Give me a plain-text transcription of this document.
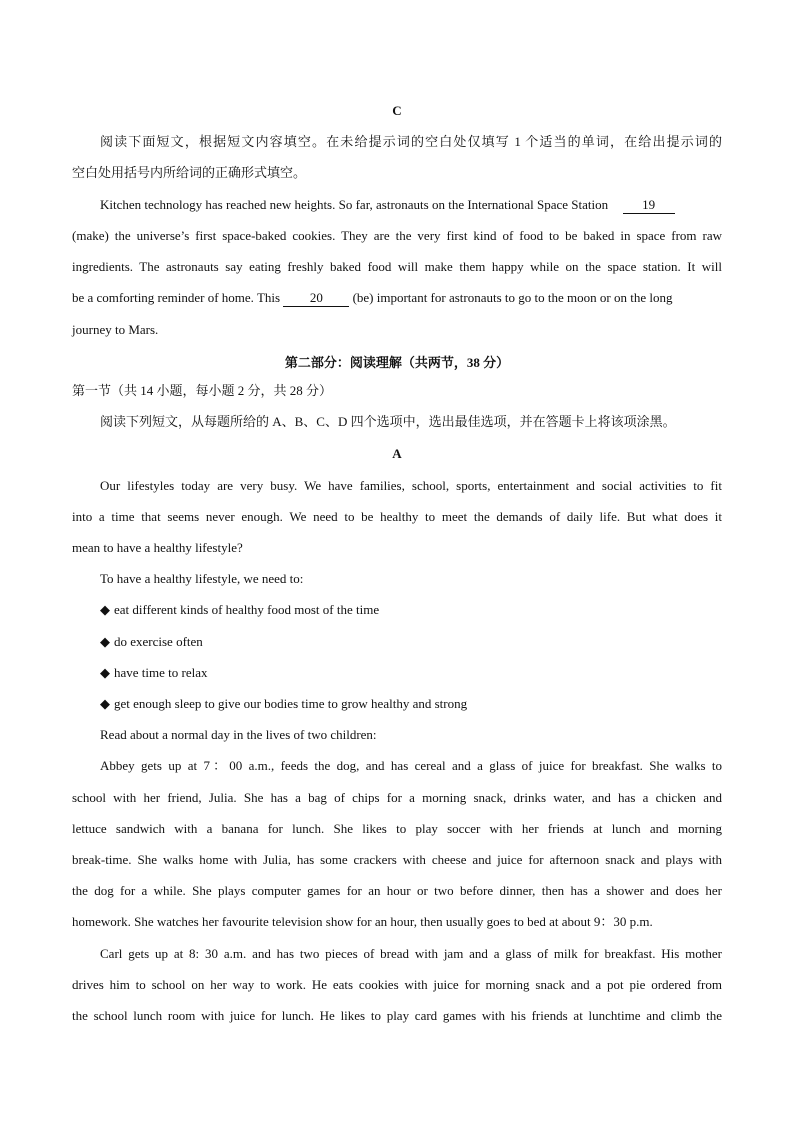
C
阅读下面短文，根据短文内容填空。在未给提示词的空白处仅填写 1 个适当的单词，在给出提示词的
空白处用括号内所给词的正确形式填空。
Kitchen technology has reached new heights. So far, astronauts on the International Space Station	19
(make) the universe’s first space-baked cookies. They are the very first kind of food to be baked in space from raw
ingredients. The astronauts say eating freshly baked food will make them happy while on the space station. It will
be a comforting reminder of home. This 20 (be) important for astronauts to go to the moon or on the long
journey to Mars.
第二部分：阅读理解（共两节，38 分）
第一节（共 14 小题，每小题 2 分，共 28 分）
阅读下列短文，从每题所给的 A、B、C、D 四个选项中，选出最佳选项，并在答题卡上将该项涂黑。
A
Our lifestyles today are very busy. We have families, school, sports, entertainment and social activities to fit
into a time that seems never enough. We need to be healthy to meet the demands of daily life. But what does it
mean to have a healthy lifestyle?
To have a healthy lifestyle, we need to:
◆ eat different kinds of healthy food most of the time
◆ do exercise often
◆ have time to relax
◆ get enough sleep to give our bodies time to grow healthy and strong
Read about a normal day in the lives of two children:
Abbey gets up at 7：00 a.m., feeds the dog, and has cereal and a glass of juice for breakfast. She walks to
school with her friend, Julia. She has a bag of chips for a morning snack, drinks water, and has a chicken and
lettuce sandwich with a banana for lunch. She likes to play soccer with her friends at lunch and morning
break-time. She walks home with Julia, has some crackers with cheese and juice for afternoon snack and plays with
the dog for a while. She plays computer games for an hour or two before dinner, then has a shower and does her
homework. She watches her favourite television show for an hour, then usually goes to bed at about 9：30 p.m.
Carl gets up at 8: 30 a.m. and has two pieces of bread with jam and a glass of milk for breakfast. His mother
drives him to school on her way to work. He eats cookies with juice for morning snack and a pot pie ordered from
the school lunch room with juice for lunch. He likes to play card games with his friends at lunchtime and climb the
